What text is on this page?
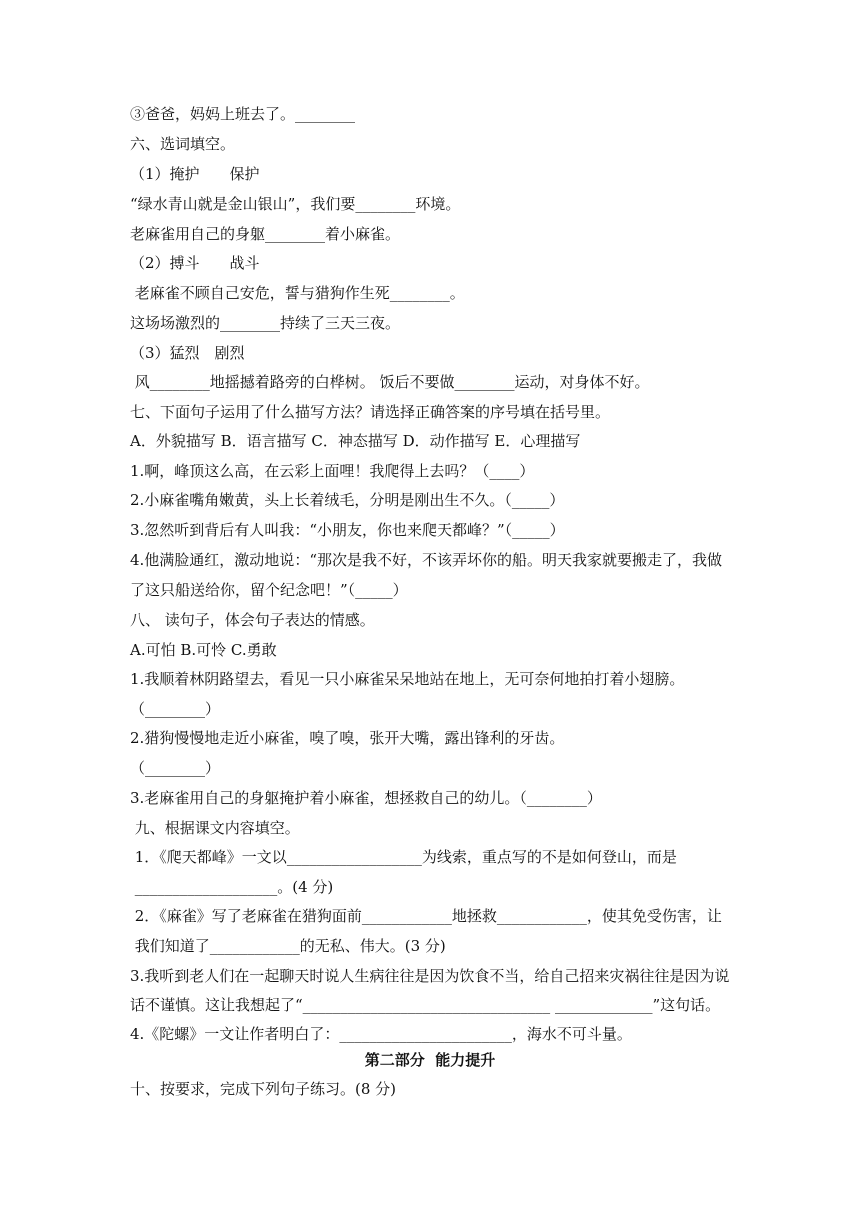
③爸爸，妈妈上班去了。________
六、选词填空。
（1）掩护　　保护
“绿水青山就是金山银山”，我们要________环境。
老麻雀用自己的身躯________着小麻雀。
（2）搏斗　　战斗
老麻雀不顾自己安危，誓与猎狗作生死________。
这场场激烈的________持续了三天三夜。
（3）猛烈　剧烈
风________地摇撼着路旁的白桦树。 饭后不要做________运动，对身体不好。
七、下面句子运用了什么描写方法？请选择正确答案的序号填在括号里。
A．外貌描写 B．语言描写 C．神态描写 D．动作描写 E．心理描写
1.啊，峰顶这么高，在云彩上面哩！我爬得上去吗？（____）
2.小麻雀嘴角嫩黄，头上长着绒毛，分明是刚出生不久。（_____）
3.忽然听到背后有人叫我：“小朋友，你也来爬天都峰？”（_____）
4.他满脸通红，激动地说：“那次是我不好，不该弄坏你的船。明天我家就要搬走了，我做
了这只船送给你，留个纪念吧！”（_____）
八、 读句子，体会句子表达的情感。
A.可怕 B.可怜 C.勇敢
1.我顺着林阴路望去，看见一只小麻雀呆呆地站在地上，无可奈何地拍打着小翅膀。
（________）
2.猎狗慢慢地走近小麻雀，嗅了嗅，张开大嘴，露出锋利的牙齿。
（________）
3.老麻雀用自己的身躯掩护着小麻雀，想拯救自己的幼儿。（________）
九、根据课文内容填空。
1．《爬天都峰》一文以__________________为线索，重点写的不是如何登山，而是
___________________。(4 分)
2．《麻雀》写了老麻雀在猎狗面前____________地拯救____________，使其免受伤害，让
我们知道了____________的无私、伟大。(3 分)
3.我听到老人们在一起聊天时说人生病往往是因为饮食不当，给自己招来灾祸往往是因为说
话不谨慎。这让我想起了“_________________________________ _____________”这句话。
4.《陀螺》一文让作者明白了：_______________________，海水不可斗量。
第二部分  能力提升
十、按要求，完成下列句子练习。(8 分)
